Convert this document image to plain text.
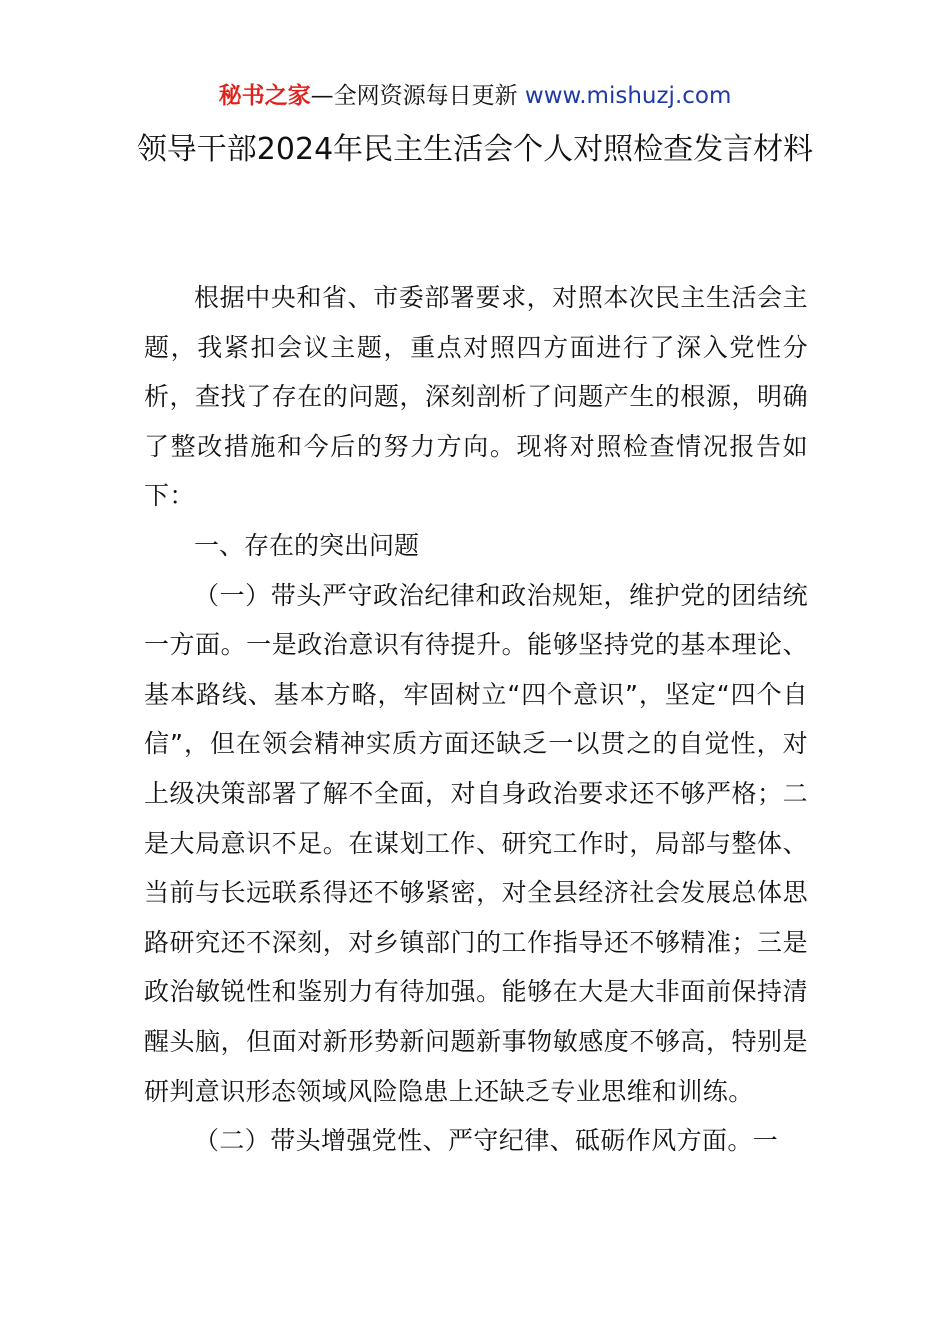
秘书之家—全网资源每日更新 www.mishuzj.com
领导干部2024年民主生活会个人对照检查发言材料

根据中央和省、市委部署要求，对照本次民主生活会主题，我紧扣会议主题，重点对照四方面进行了深入党性分析，查找了存在的问题，深刻剖析了问题产生的根源，明确了整改措施和今后的努力方向。现将对照检查情况报告如下：

一、存在的突出问题

（一）带头严守政治纪律和政治规矩，维护党的团结统一方面。一是政治意识有待提升。能够坚持党的基本理论、基本路线、基本方略，牢固树立“四个意识”，坚定“四个自信”，但在领会精神实质方面还缺乏一以贯之的自觉性，对上级决策部署了解不全面，对自身政治要求还不够严格；二是大局意识不足。在谋划工作、研究工作时，局部与整体、当前与长远联系得还不够紧密，对全县经济社会发展总体思路研究还不深刻，对乡镇部门的工作指导还不够精准；三是政治敏锐性和鉴别力有待加强。能够在大是大非面前保持清醒头脑，但面对新形势新问题新事物敏感度不够高，特别是研判意识形态领域风险隐患上还缺乏专业思维和训练。

（二）带头增强党性、严守纪律、砥砺作风方面。一
